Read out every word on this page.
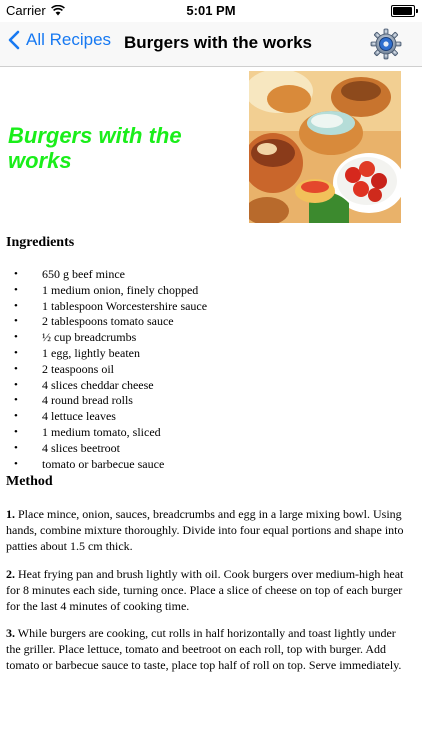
Carrier	5:01 PM
All Recipes Burgers with the works
Burgers with the works
Ingredients
• 650 g beef mince
• 1 medium onion, finely chopped
• 1 tablespoon Worcestershire sauce
• 2 tablespoons tomato sauce
• ½ cup breadcrumbs
• 1 egg, lightly beaten
• 2 teaspoons oil
• 4 slices cheddar cheese
• 4 round bread rolls
• 4 lettuce leaves
• 1 medium tomato, sliced
• 4 slices beetroot
• tomato or barbecue sauce
Method

1. Place mince, onion, sauces, breadcrumbs and egg in a large mixing bowl. Using hands, combine mixture thoroughly. Divide into four equal portions and shape into patties about 1.5 cm thick.

2. Heat frying pan and brush lightly with oil. Cook burgers over medium-high heat for 8 minutes each side, turning once. Place a slice of cheese on top of each burger for the last 4 minutes of cooking time.

3. While burgers are cooking, cut rolls in half horizontally and toast lightly under the griller. Place lettuce, tomato and beetroot on each roll, top with burger. Add tomato or barbecue sauce to taste, place top half of roll on top. Serve immediately.
